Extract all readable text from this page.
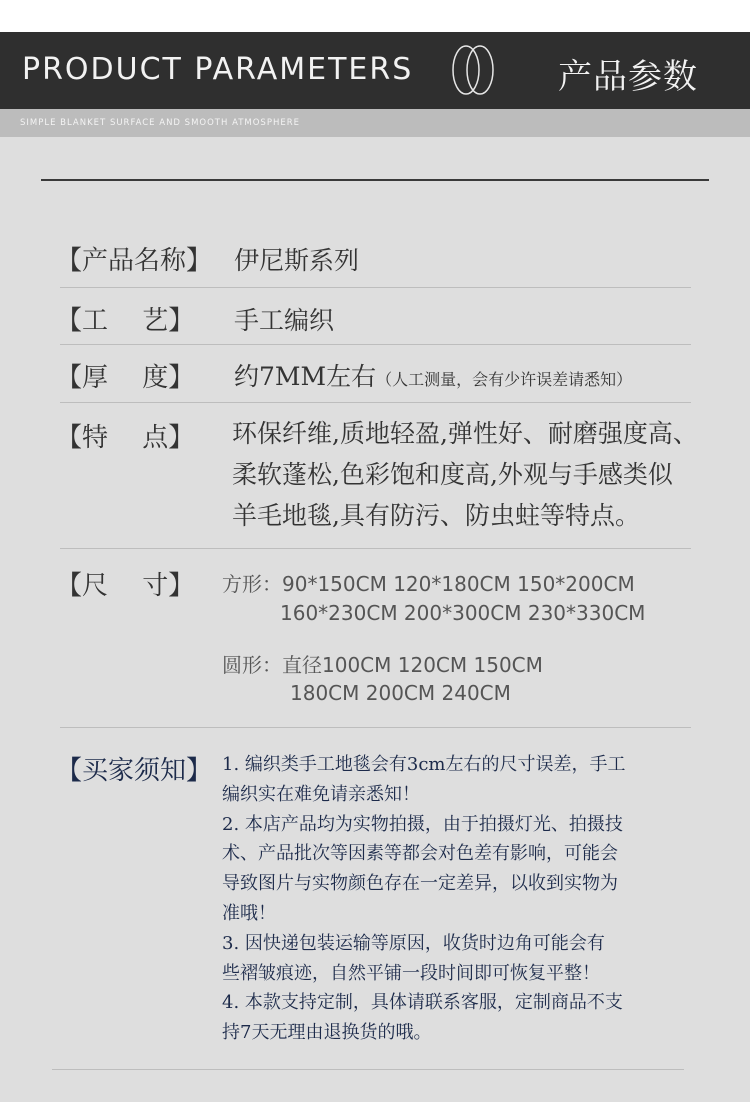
PRODUCT PARAMETERS	产品参数
SIMPLE BLANKET SURFACE AND SMOOTH ATMOSPHERE
【产品名称】 伊尼斯系列
【工　 艺】 手工编织
【厚　 度】 约7MM左右（人工测量，会有少许误差请悉知）
【特　 点】 环保纤维,质地轻盈,弹性好、耐磨强度高、
柔软蓬松,色彩饱和度高,外观与手感类似
羊毛地毯,具有防污、防虫蛀等特点。
【尺　 寸】 方形：90*150CM 120*180CM 150*200CM
160*230CM 200*300CM 230*330CM
圆形：直径100CM 120CM 150CM
180CM 200CM 240CM
【买家须知】 1. 编织类手工地毯会有3cm左右的尺寸误差，手工
编织实在难免请亲悉知！
2. 本店产品均为实物拍摄，由于拍摄灯光、拍摄技
术、产品批次等因素等都会对色差有影响，可能会
导致图片与实物颜色存在一定差异，以收到实物为
准哦！
3. 因快递包装运输等原因，收货时边角可能会有
些褶皱痕迹，自然平铺一段时间即可恢复平整！
4. 本款支持定制，具体请联系客服，定制商品不支
持7天无理由退换货的哦。
